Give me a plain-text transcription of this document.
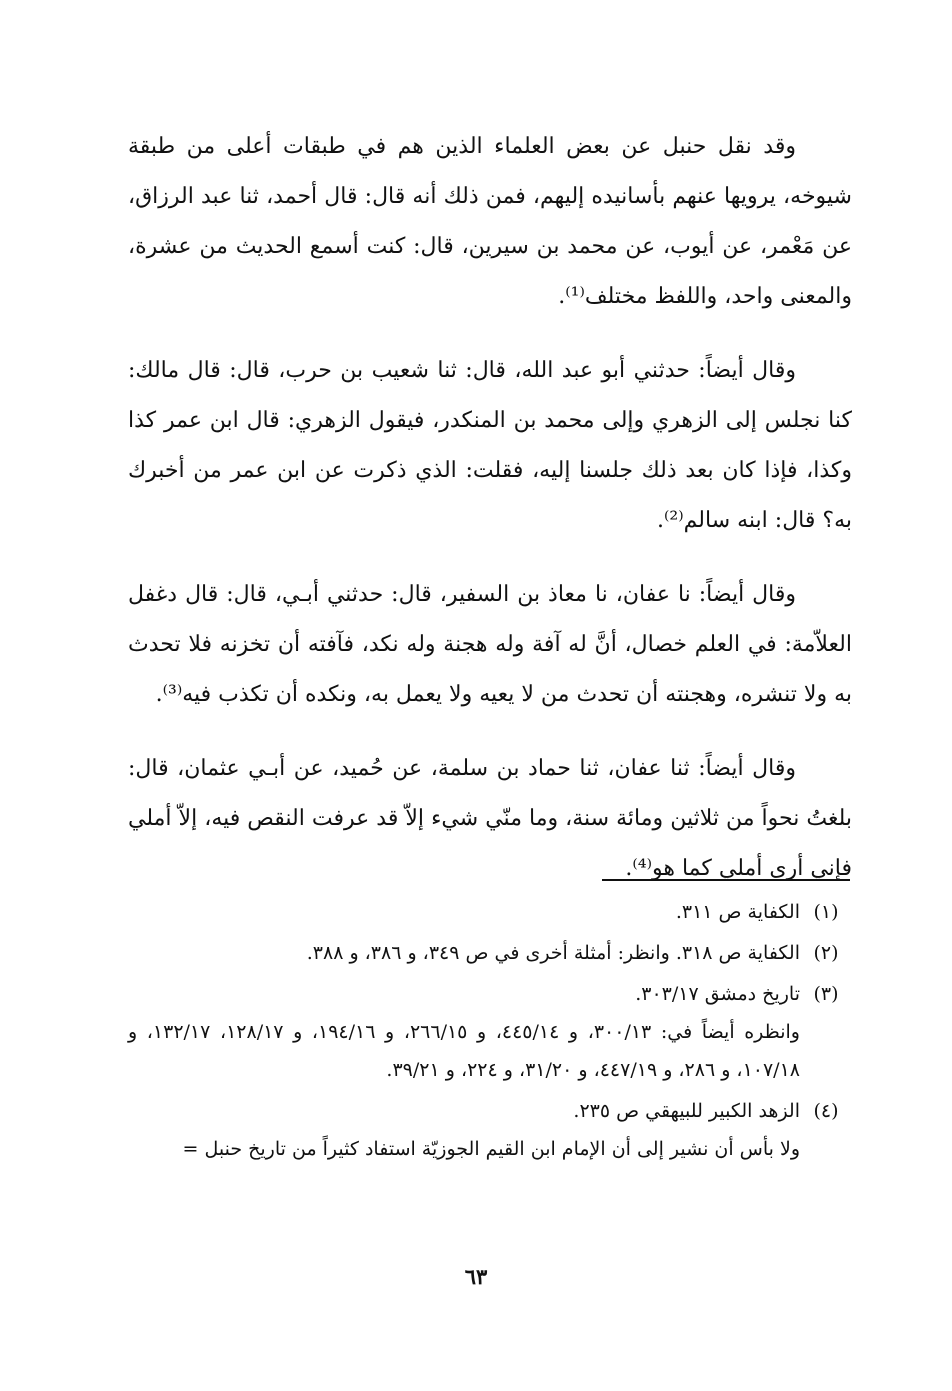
وقد نقل حنبل عن بعض العلماء الذين هم في طبقات أعلى من طبقة شيوخه، يرويها عنهم بأسانيده إليهم، فمن ذلك أنه قال: قال أحمد، ثنا عبد الرزاق، عن مَعْمر، عن أيوب، عن محمد بن سيرين، قال: كنت أسمع الحديث من عشرة، والمعنى واحد، واللفظ مختلف⁽¹⁾.

وقال أيضاً: حدثني أبو عبد الله، قال: ثنا شعيب بن حرب، قال: قال مالك: كنا نجلس إلى الزهري وإلى محمد بن المنكدر، فيقول الزهري: قال ابن عمر كذا وكذا، فإذا كان بعد ذلك جلسنا إليه، فقلت: الذي ذكرت عن ابن عمر من أخبرك به؟ قال: ابنه سالم⁽²⁾.

وقال أيضاً: نا عفان، نا معاذ بن السفير، قال: حدثني أبـي، قال: قال دغفل العلاّمة: في العلم خصال، أنَّ له آفة وله هجنة وله نكد، فآفته أن تخزنه فلا تحدث به ولا تنشره، وهجنته أن تحدث من لا يعيه ولا يعمل به، ونكده أن تكذب فيه⁽³⁾.

وقال أيضاً: ثنا عفان، ثنا حماد بن سلمة، عن حُميد، عن أبـي عثمان، قال: بلغتُ نحواً من ثلاثين ومائة سنة، وما منّي شيء إلاّ قد عرفت النقص فيه، إلاّ أملي فإني أرى أملي كما هو⁽⁴⁾.

(١)

الكفاية ص ٣١١.

(٢)

الكفاية ص ٣١٨. وانظر: أمثلة أخرى في ص ٣٤٩، و ٣٨٦، و ٣٨٨.

(٣)

تاريخ دمشق ٣٠٣/١٧.

وانظره أيضاً في: ٣٠٠/١٣، و ٤٤٥/١٤، و ٢٦٦/١٥، و ١٩٤/١٦، و ١٢٨/١٧، ١٣٢/١٧، و ١٠٧/١٨، و ٢٨٦، و ٤٤٧/١٩، و ٣١/٢٠، و ٢٢٤، و ٣٩/٢١.

(٤)

الزهد الكبير للبيهقي ص ٢٣٥.

ولا بأس أن نشير إلى أن الإمام ابن القيم الجوزيّة استفاد كثيراً من تاريخ حنبل =

٦٣
